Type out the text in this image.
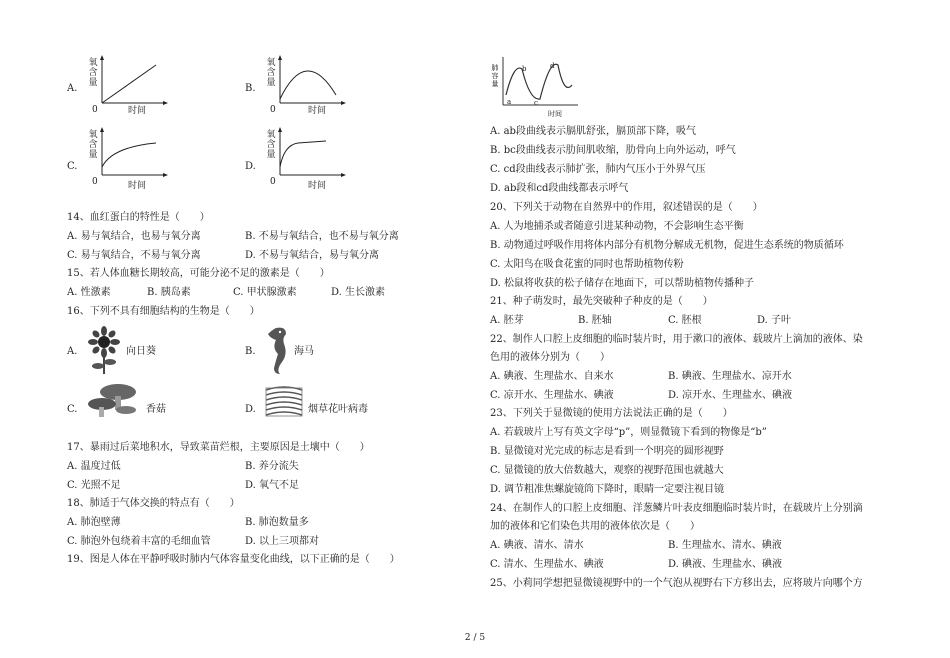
A.
氧含量
0	时间
B.
氧含量
0	时间
C.
氧含量
0	时间
D.
氧含量
0	时间
14、血红蛋白的特性是（　　）
A. 易与氧结合，也易与氧分离	B. 不易与氧结合，也不易与氧分离
C. 易与氧结合，不易与氧分离	D. 不易与氧结合，易与氧分离
15、若人体血糖长期较高，可能分泌不足的激素是（　　）
A. 性激素	B. 胰岛素	C. 甲状腺激素	D. 生长激素
16、下列不具有细胞结构的生物是（　　）
A.	向日葵	B.	海马
C.	香菇	D.	烟草花叶病毒
17、暴雨过后菜地积水，导致菜苗烂根，主要原因是土壤中（　　）
A. 温度过低	B. 养分流失
C. 光照不足	D. 氧气不足
18、肺适于气体交换的特点有（　　）
A. 肺泡壁薄	B. 肺泡数量多
C. 肺泡外包绕着丰富的毛细血管	D. 以上三项都对
19、图是人体在平静呼吸时肺内气体容量变化曲线，以下正确的是（　　）
肺容量
a
b
c
d
时间
A. ab段曲线表示膈肌舒张，膈顶部下降，吸气
B. bc段曲线表示肋间肌收缩，肋骨向上向外运动，呼气
C. cd段曲线表示肺扩张，肺内气压小于外界气压
D. ab段和cd段曲线都表示呼气
20、下列关于动物在自然界中的作用，叙述错误的是（　　）
A. 人为地捕杀或者随意引进某种动物，不会影响生态平衡
B. 动物通过呼吸作用将体内部分有机物分解成无机物，促进生态系统的物质循环
C. 太阳鸟在吸食花蜜的同时也帮助植物传粉
D. 松鼠将收获的松子储存在地面下，可以帮助植物传播种子
21、种子萌发时，最先突破种子种皮的是（　　）
A. 胚芽	B. 胚轴	C. 胚根	D. 子叶
22、制作人口腔上皮细胞的临时装片时，用于漱口的液体、载玻片上滴加的液体、染
色用的液体分别为（　　）
A. 碘液、生理盐水、自来水	B. 碘液、生理盐水、凉开水
C. 凉开水、生理盐水、碘液	D. 凉开水、生理盐水、碘液
23、下列关于显微镜的使用方法说法正确的是（　　）
A. 若载玻片上写有英文字母“p”，则显微镜下看到的物像是“b”
B. 显微镜对光完成的标志是看到一个明亮的圆形视野
C. 显微镜的放大倍数越大，观察的视野范围也就越大
D. 调节粗准焦螺旋镜筒下降时，眼睛一定要注视目镜
24、在制作人的口腔上皮细胞、洋葱鳞片叶表皮细胞临时装片时，在载玻片上分别滴
加的液体和它们染色共用的液体依次是（　　）
A. 碘液、清水、清水	B. 生理盐水、清水、碘液
C. 清水、生理盐水、碘液	D. 碘液、生理盐水、碘液
25、小莉同学想把显微镜视野中的一个气泡从视野右下方移出去，应将玻片向哪个方
2 / 5
